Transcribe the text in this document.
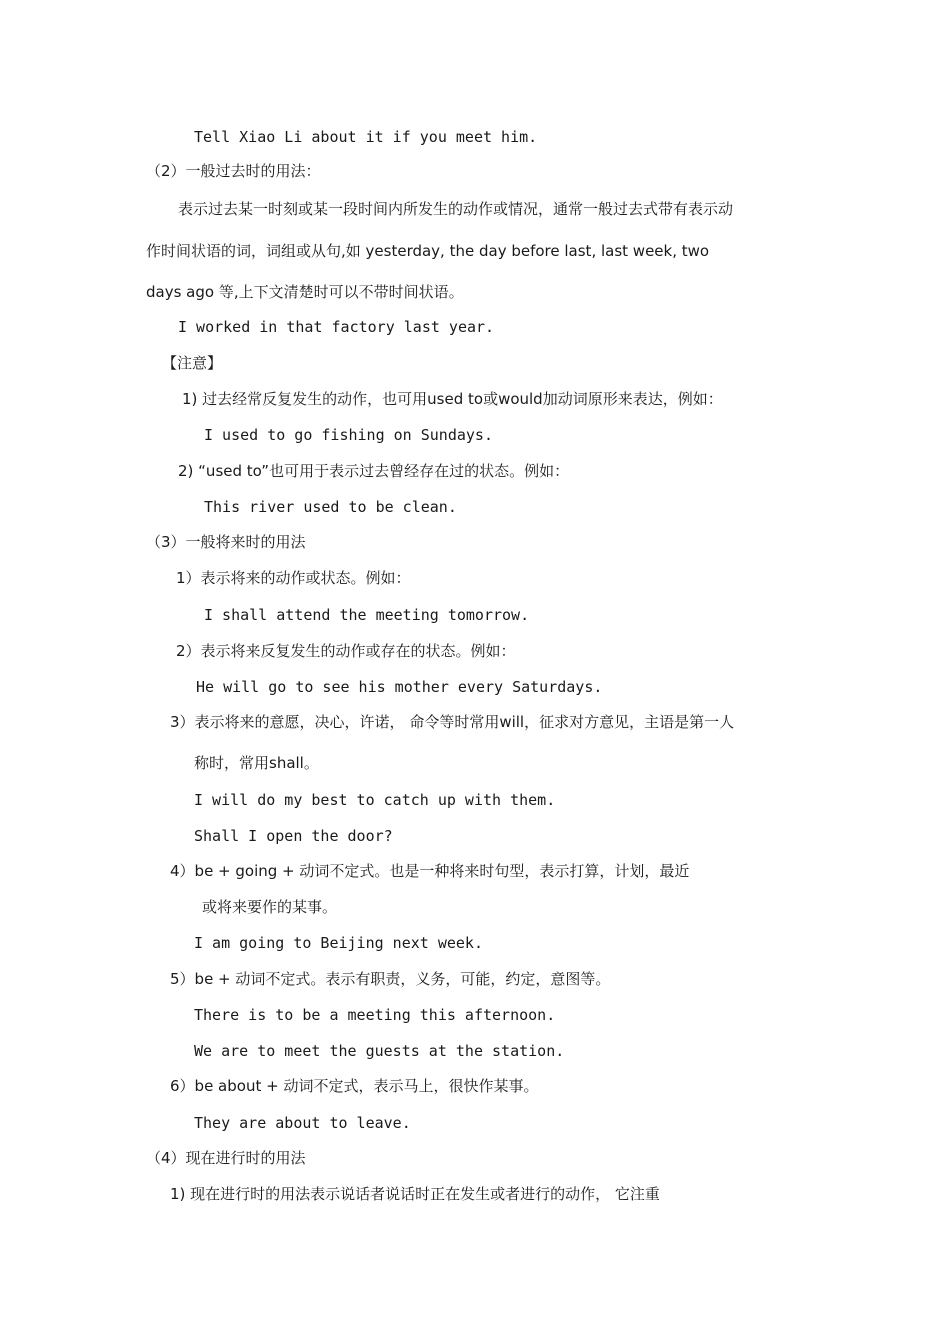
Tell Xiao Li about it if you meet him.
（2）一般过去时的用法：
表示过去某一时刻或某一段时间内所发生的动作或情况，通常一般过去式带有表示动
作时间状语的词，词组或从句,如 yesterday, the day before last, last week, two
days ago 等,上下文清楚时可以不带时间状语。
I worked in that factory last year.
【注意】
1) 过去经常反复发生的动作，也可用used to或would加动词原形来表达，例如：
I used to go fishing on Sundays.
2) “used to”也可用于表示过去曾经存在过的状态。例如：
This river used to be clean.
（3）一般将来时的用法
1）表示将来的动作或状态。例如：
I shall attend the meeting tomorrow.
2）表示将来反复发生的动作或存在的状态。例如：
He will go to see his mother every Saturdays.
3）表示将来的意愿，决心，许诺， 命令等时常用will，征求对方意见，主语是第一人
称时，常用shall。
I will do my best to catch up with them.
Shall I open the door?
4）be + going + 动词不定式。也是一种将来时句型，表示打算，计划，最近
或将来要作的某事。
I am going to Beijing next week.
5）be + 动词不定式。表示有职责，义务，可能，约定，意图等。
There is to be a meeting this afternoon.
We are to meet the guests at the station.
6）be about + 动词不定式，表示马上，很快作某事。
They are about to leave.
（4）现在进行时的用法
1) 现在进行时的用法表示说话者说话时正在发生或者进行的动作， 它注重
